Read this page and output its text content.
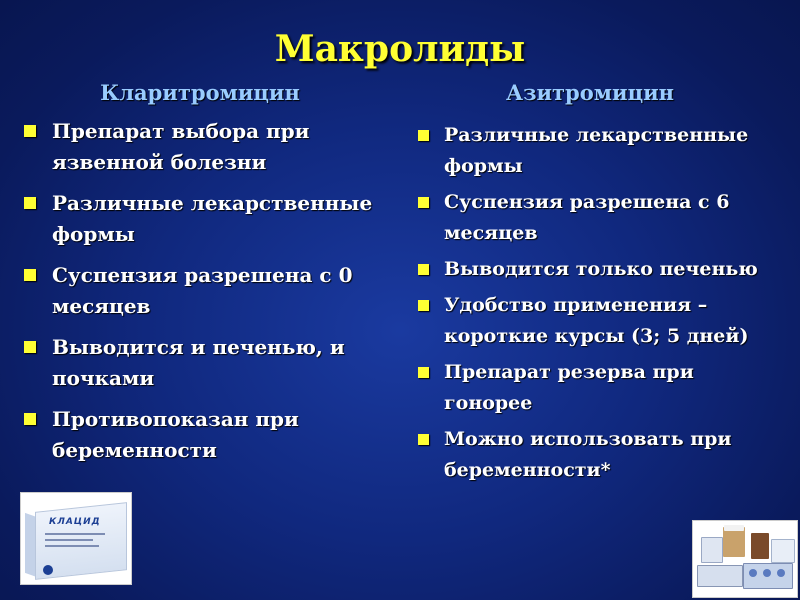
Макролиды
Кларитромицин	Азитромицин
Препарат выбора при
язвенной болезни
Различные лекарственные
формы
Суспензия разрешена с 0
месяцев
Выводится и печенью, и
почками
Противопоказан при
беременности
Различные лекарственные
формы
Суспензия разрешена с 6
месяцев
Выводится только печенью
Удобство применения –
короткие курсы (3; 5 дней)
Препарат резерва при
гонорее
Можно использовать при
беременности*
КЛАЦИД
